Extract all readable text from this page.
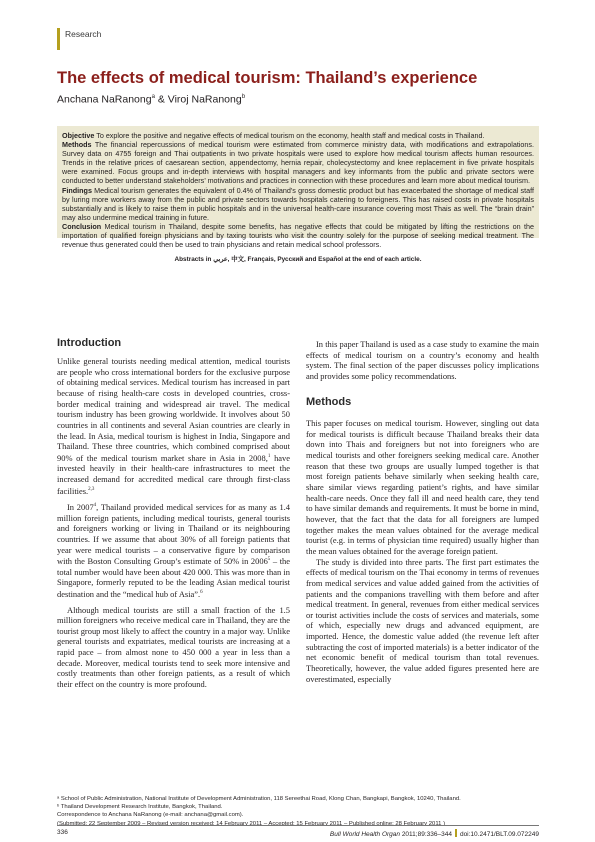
Research
The effects of medical tourism: Thailand’s experience
Anchana NaRanong$^a$ & Viroj NaRanong$^b$

Objective To explore the positive and negative effects of medical tourism on the economy, health staff and medical costs in Thailand.

Methods The financial repercussions of medical tourism were estimated from commerce ministry data, with modifications and extrapolations. Survey data on 4755 foreign and Thai outpatients in two private hospitals were used to explore how medical tourism affects human resources. Trends in the relative prices of caesarean section, appendectomy, hernia repair, cholecystectomy and knee replacement in five private hospitals were examined. Focus groups and in-depth interviews with hospital managers and key informants from the public and private sectors were conducted to better understand stakeholders’ motivations and practices in connection with these procedures and learn more about medical tourism.

Findings Medical tourism generates the equivalent of 0.4% of Thailand’s gross domestic product but has exacerbated the shortage of medical staff by luring more workers away from the public and private sectors towards hospitals catering to foreigners. This has raised costs in private hospitals substantially and is likely to raise them in public hospitals and in the universal health-care insurance covering most Thais as well. The “brain drain” may also undermine medical training in future.

Conclusion Medical tourism in Thailand, despite some benefits, has negative effects that could be mitigated by lifting the restrictions on the importation of qualified foreign physicians and by taxing tourists who visit the country solely for the purpose of seeking medical treatment. The revenue thus generated could then be used to train physicians and retain medical school professors.

Abstracts in عربي, 中文, Français, Русский and Español at the end of each article.
Introduction

Unlike general tourists needing medical attention, medical tourists are people who cross international borders for the exclusive purpose of obtaining medical services. Medical tourism has increased in part because of rising health-care costs in developed countries, cross-border medical training and widespread air travel. The medical tourism industry has been growing worldwide. It involves about 50 countries in all continents and several Asian countries are clearly in the lead. In Asia, medical tourism is highest in India, Singapore and Thailand. These three countries, which combined comprised about 90% of the medical tourism market share in Asia in 2008,$^1$ have invested heavily in their health-care infrastructures to meet the increased demand for accredited medical care through first-class facilities.$^{2,3}$

In 2007$^4$, Thailand provided medical services for as many as 1.4 million foreign patients, including medical tourists, general tourists and foreigners working or living in Thailand or its neighbouring countries. If we assume that about 30% of all foreign patients that year were medical tourists – a conservative figure by comparison with the Boston Consulting Group’s estimate of 50% in 2006$^5$ – the total number would have been about 420 000. This was more than in Singapore, formerly reputed to be the leading Asian medical tourist destination and the “medical hub of Asia”.$^6$

Although medical tourists are still a small fraction of the 1.5 million foreigners who receive medical care in Thailand, they are the tourist group most likely to affect the country in a major way. Unlike general tourists and expatriates, medical tourists are increasing at a rapid pace – from almost none to 450 000 a year in less than a decade. Moreover, medical tourists tend to seek more intensive and costly treatments than other foreign patients, as a result of which their effect on the country is more profound.

In this paper Thailand is used as a case study to examine the main effects of medical tourism on a country’s economy and health system. The final section of the paper discusses policy implications and provides some policy recommendations.

Methods

This paper focuses on medical tourism. However, singling out data for medical tourists is difficult because Thailand breaks their data down into Thais and foreigners but not into foreigners who are medical tourists and other foreigners seeking medical care. Another reason that these two groups are usually lumped together is that most foreign patients behave similarly when seeking health care, share similar views regarding patient’s rights, and have similar health-care needs. Once they fall ill and need health care, they tend to have similar demands and requirements. It must be borne in mind, however, that the fact that the data for all foreigners are lumped together makes the mean values obtained for the average medical tourist (e.g. in terms of physician time required) usually higher than the mean values obtained for the average foreign patient.

The study is divided into three parts. The first part estimates the effects of medical tourism on the Thai economy in terms of revenues from medical services and value added gained from the activities of patients and the companions travelling with them before and after medical treatment. In general, revenues from either medical services or tourist activities include the costs of services and materials, some of which, especially new drugs and advanced equipment, are imported. Hence, the domestic value added (the revenue left after subtracting the cost of imported materials) is a better indicator of the net economic benefit of medical tourism than total revenues. Theoretically, however, the value added figures presented here are overestimated, especially

ᵃ School of Public Administration, National Institute of Development Administration, 118 Sereethai Road, Klong Chan, Bangkapi, Bangkok, 10240, Thailand.

ᵇ Thailand Development Research Institute, Bangkok, Thailand.

Correspondence to Anchana NaRanong (e-mail: anchana@gmail.com).

(Submitted: 22 September 2009 – Revised version received: 14 February 2011 – Accepted: 15 February 2011 – Published online: 28 February 2011 )

336	Bull World Health Organ 2011;89:336–344 doi:10.2471/BLT.09.072249
